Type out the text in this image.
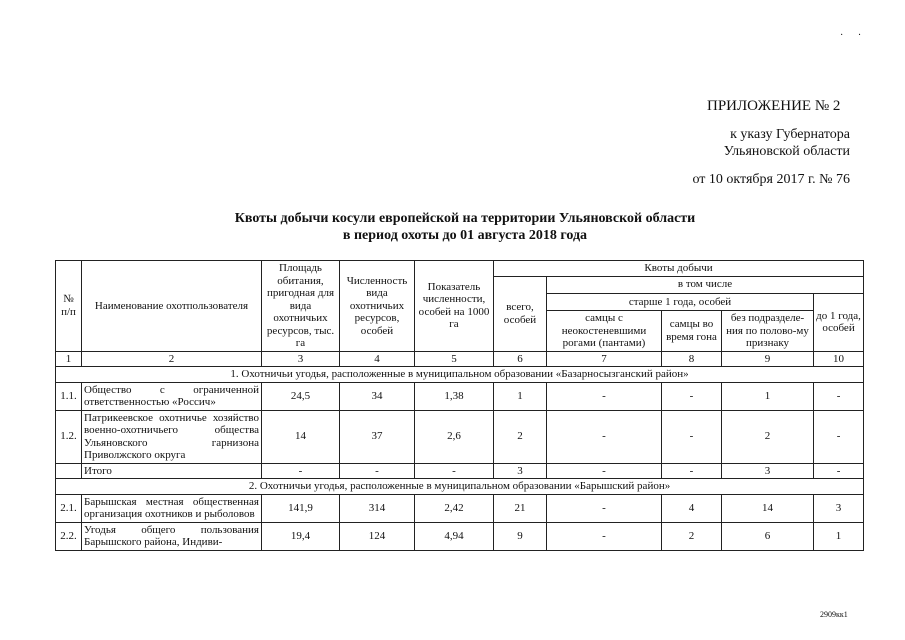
· ·
ПРИЛОЖЕНИЕ № 2
к указу Губернатора
Ульяновской области
от 10 октября 2017 г. № 76
Квоты добычи косули европейской на территории Ульяновской области
в период охоты до 01 августа 2018 года
№ п/п	Наименование охотпользователя	Площадь обитания, пригодная для вида охотничьих ресурсов, тыс. га	Численность вида охотничьих ресурсов, особей	Показатель численности, особей на 1000 га	Квоты добычи				
					всего, особей	в том числе			
						старше 1 года, особей			до 1 года, особей
						самцы с неокостеневшими рогами (пантами)	самцы во время гона	без подразделе-ния по полово-му признаку	
1	2	3	4	5	6	7	8	9	10
1. Охотничьи угодья, расположенные в муниципальном образовании «Базарносызганский район»									
1.1.	Общество с ограниченной ответственностью «Россич»	24,5	34	1,38	1	-	-	1	-
1.2.	Патрикеевское охотничье хозяйство военно-охотничьего общества Ульяновского гарнизона Приволжского округа	14	37	2,6	2	-	-	2	-
	Итого	-	-	-	3	-	-	3	-
2. Охотничьи угодья, расположенные в муниципальном образовании «Барышский район»									
2.1.	Барышская местная общественная организация охотников и рыболовов	141,9	314	2,42	21	-	4	14	3
2.2.	Угодья общего пользования Барышского района, Индиви-	19,4	124	4,94	9	-	2	6	1
2909кк1
